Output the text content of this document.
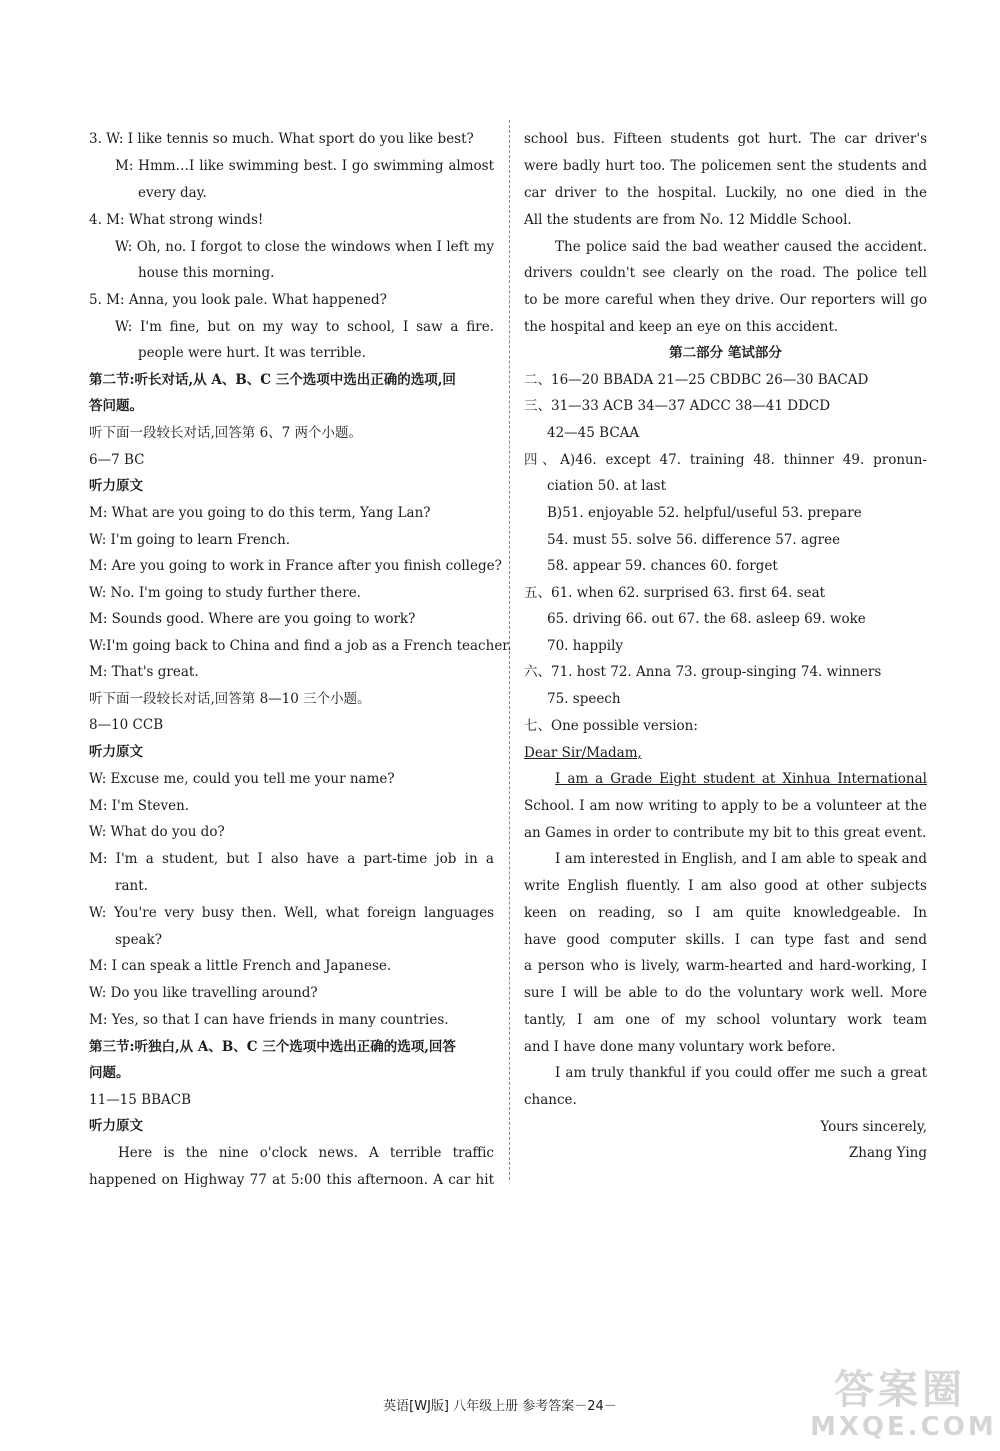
3. W: I like tennis so much. What sport do you like best?
M: Hmm…I like swimming best. I go swimming almost
every day.
4. M: What strong winds!
W: Oh, no. I forgot to close the windows when I left my
house this morning.
5. M: Anna, you look pale. What happened?
W: I'm fine, but on my way to school, I saw a fire.
people were hurt. It was terrible.
第二节:听长对话,从 A、B、C 三个选项中选出正确的选项,回
答问题。
听下面一段较长对话,回答第 6、7 两个小题。
6—7 BC
听力原文
M: What are you going to do this term, Yang Lan?
W: I'm going to learn French.
M: Are you going to work in France after you finish college?
W: No. I'm going to study further there.
M: Sounds good. Where are you going to work?
W:I'm going back to China and find a job as a French teacher.
M: That's great.
听下面一段较长对话,回答第 8—10 三个小题。
8—10 CCB
听力原文
W: Excuse me, could you tell me your name?
M: I'm Steven.
W: What do you do?
M: I'm a student, but I also have a part-time job in a
rant.
W: You're very busy then. Well, what foreign languages
speak?
M: I can speak a little French and Japanese.
W: Do you like travelling around?
M: Yes, so that I can have friends in many countries.
第三节:听独白,从 A、B、C 三个选项中选出正确的选项,回答
问题。
11—15 BBACB
听力原文
Here is the nine o'clock news. A terrible traffic
happened on Highway 77 at 5:00 this afternoon. A car hit
school bus. Fifteen students got hurt. The car driver's
were badly hurt too. The policemen sent the students and
car driver to the hospital. Luckily, no one died in the
All the students are from No. 12 Middle School.
The police said the bad weather caused the accident.
drivers couldn't see clearly on the road. The police tell
to be more careful when they drive. Our reporters will go
the hospital and keep an eye on this accident.
第二部分 笔试部分
二、16—20 BBADA 21—25 CBDBC 26—30 BACAD
三、31—33 ACB 34—37 ADCC 38—41 DDCD
42—45 BCAA
四、A)46. except 47. training 48. thinner 49. pronun-
ciation 50. at last
B)51. enjoyable 52. helpful/useful 53. prepare
54. must 55. solve 56. difference 57. agree
58. appear 59. chances 60. forget
五、61. when 62. surprised 63. first 64. seat
65. driving 66. out 67. the 68. asleep 69. woke
70. happily
六、71. host 72. Anna 73. group-singing 74. winners
75. speech
七、One possible version:
Dear Sir/Madam,
I am a Grade Eight student at Xinhua International
School. I am now writing to apply to be a volunteer at the
an Games in order to contribute my bit to this great event.
I am interested in English, and I am able to speak and
write English fluently. I am also good at other subjects
keen on reading, so I am quite knowledgeable. In
have good computer skills. I can type fast and send
a person who is lively, warm-hearted and hard-working, I
sure I will be able to do the voluntary work well. More
tantly, I am one of my school voluntary work team
and I have done many voluntary work before.
I am truly thankful if you could offer me such a great
chance.
Yours sincerely,
Zhang Ying
英语[WJ版] 八年级上册 参考答案－24－	答案圈
MXQE.COM
